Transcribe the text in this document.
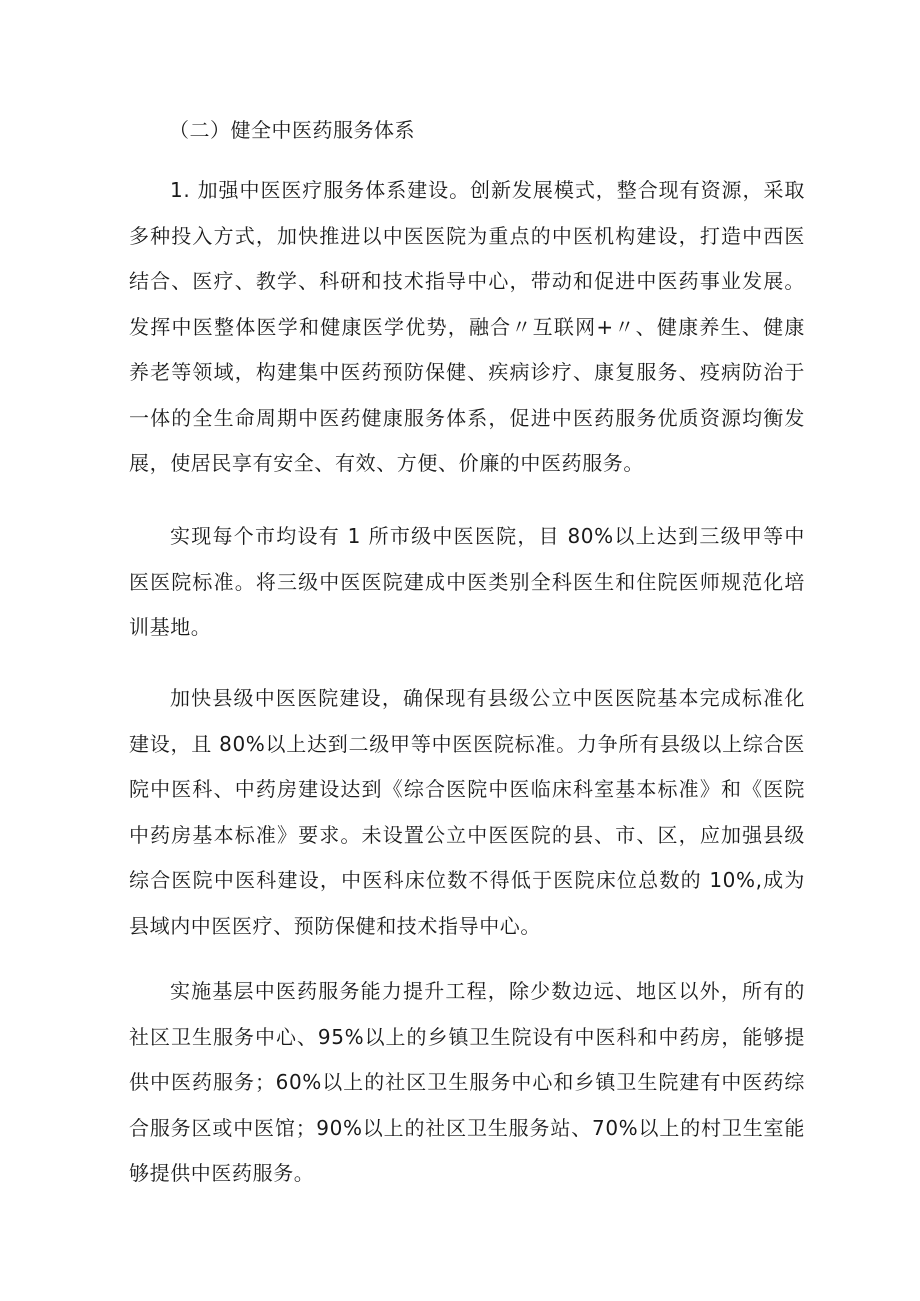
（二）健全中医药服务体系

1. 加强中医医疗服务体系建设。创新发展模式，整合现有资源，采取多种投入方式，加快推进以中医医院为重点的中医机构建设，打造中西医结合、医疗、教学、科研和技术指导中心，带动和促进中医药事业发展。发挥中医整体医学和健康医学优势，融合〃互联网+〃、健康养生、健康养老等领域，构建集中医药预防保健、疾病诊疗、康复服务、疫病防治于一体的全生命周期中医药健康服务体系，促进中医药服务优质资源均衡发展，使居民享有安全、有效、方便、价廉的中医药服务。

实现每个市均设有 1 所市级中医医院，目 80%以上达到三级甲等中医医院标准。将三级中医医院建成中医类别全科医生和住院医师规范化培训基地。

加快县级中医医院建设，确保现有县级公立中医医院基本完成标准化建设，且 80%以上达到二级甲等中医医院标准。力争所有县级以上综合医院中医科、中药房建设达到《综合医院中医临床科室基本标准》和《医院中药房基本标准》要求。未设置公立中医医院的县、市、区，应加强县级综合医院中医科建设，中医科床位数不得低于医院床位总数的 10%,成为县域内中医医疗、预防保健和技术指导中心。

实施基层中医药服务能力提升工程，除少数边远、地区以外，所有的社区卫生服务中心、95%以上的乡镇卫生院设有中医科和中药房，能够提供中医药服务；60%以上的社区卫生服务中心和乡镇卫生院建有中医药综合服务区或中医馆；90%以上的社区卫生服务站、70%以上的村卫生室能够提供中医药服务。
